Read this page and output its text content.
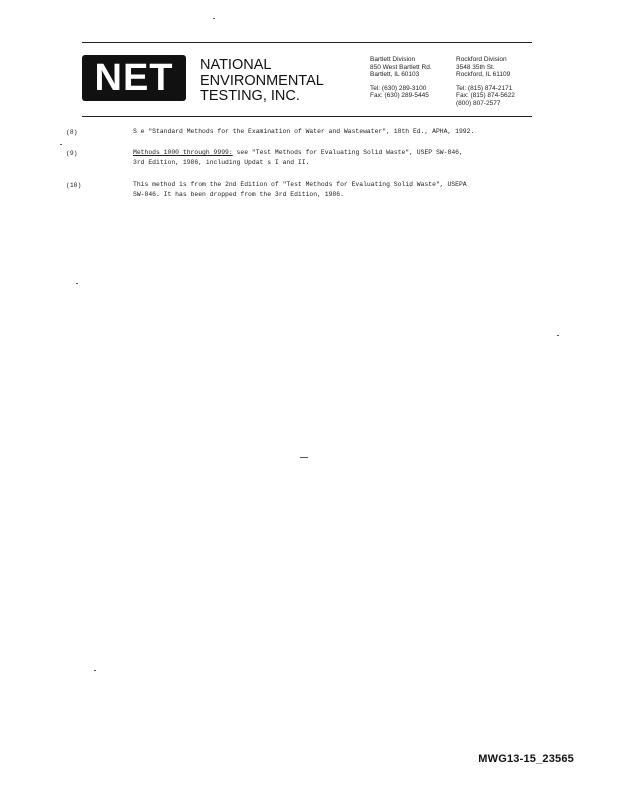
NET NATIONAL
ENVIRONMENTAL
TESTING, INC.
Bartlett Division
850 West Bartlett Rd.
Bartlett, IL 60103
Tel: (630) 289-3100
Fax: (630) 289-5445
Rockford Division
3548 35th St.
Rockford, IL 61109
Tel: (815) 874-2171
Fax: (815) 874-5622
(800) 807-2577
(8)	S e "Standard Methods for the Examination of Water and Wastewater", 18th Ed., APHA, 1992.
(9)	Methods 1000 through 9999: see "Test Methods for Evaluating Solid Waste", USEP SW-846,
3rd Edition, 1986, including Updat s I and II.
(10)	This method is from the 2nd Edition of "Test Methods for Evaluating Solid Waste", USEPA
SW-846. It has been dropped from the 3rd Edition, 1986.
MWG13-15_23565
